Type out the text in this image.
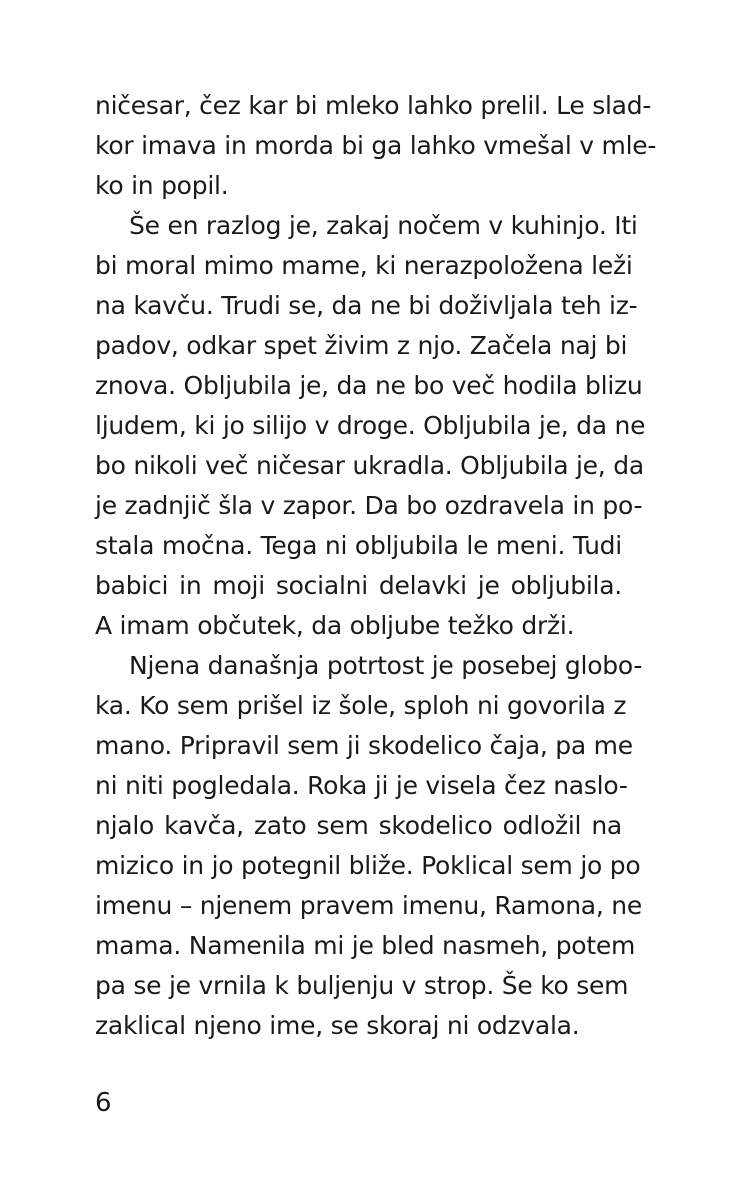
ničesar, čez kar bi mleko lahko prelil. Le slad-
kor imava in morda bi ga lahko vmešal v mle-
ko in popil.
Še en razlog je, zakaj nočem v kuhinjo. Iti
bi moral mimo mame, ki nerazpoložena leži
na kavču. Trudi se, da ne bi doživljala teh iz-
padov, odkar spet živim z njo. Začela naj bi
znova. Obljubila je, da ne bo več hodila blizu
ljudem, ki jo silijo v droge. Obljubila je, da ne
bo nikoli več ničesar ukradla. Obljubila je, da
je zadnjič šla v zapor. Da bo ozdravela in po-
stala močna. Tega ni obljubila le meni. Tudi
babici in moji socialni delavki je obljubila.
A imam občutek, da obljube težko drži.
Njena današnja potrtost je posebej globo-
ka. Ko sem prišel iz šole, sploh ni govorila z
mano. Pripravil sem ji skodelico čaja, pa me
ni niti pogledala. Roka ji je visela čez naslo-
njalo kavča, zato sem skodelico odložil na
mizico in jo potegnil bliže. Poklical sem jo po
imenu – njenem pravem imenu, Ramona, ne
mama. Namenila mi je bled nasmeh, potem
pa se je vrnila k buljenju v strop. Še ko sem
zaklical njeno ime, se skoraj ni odzvala.
6
